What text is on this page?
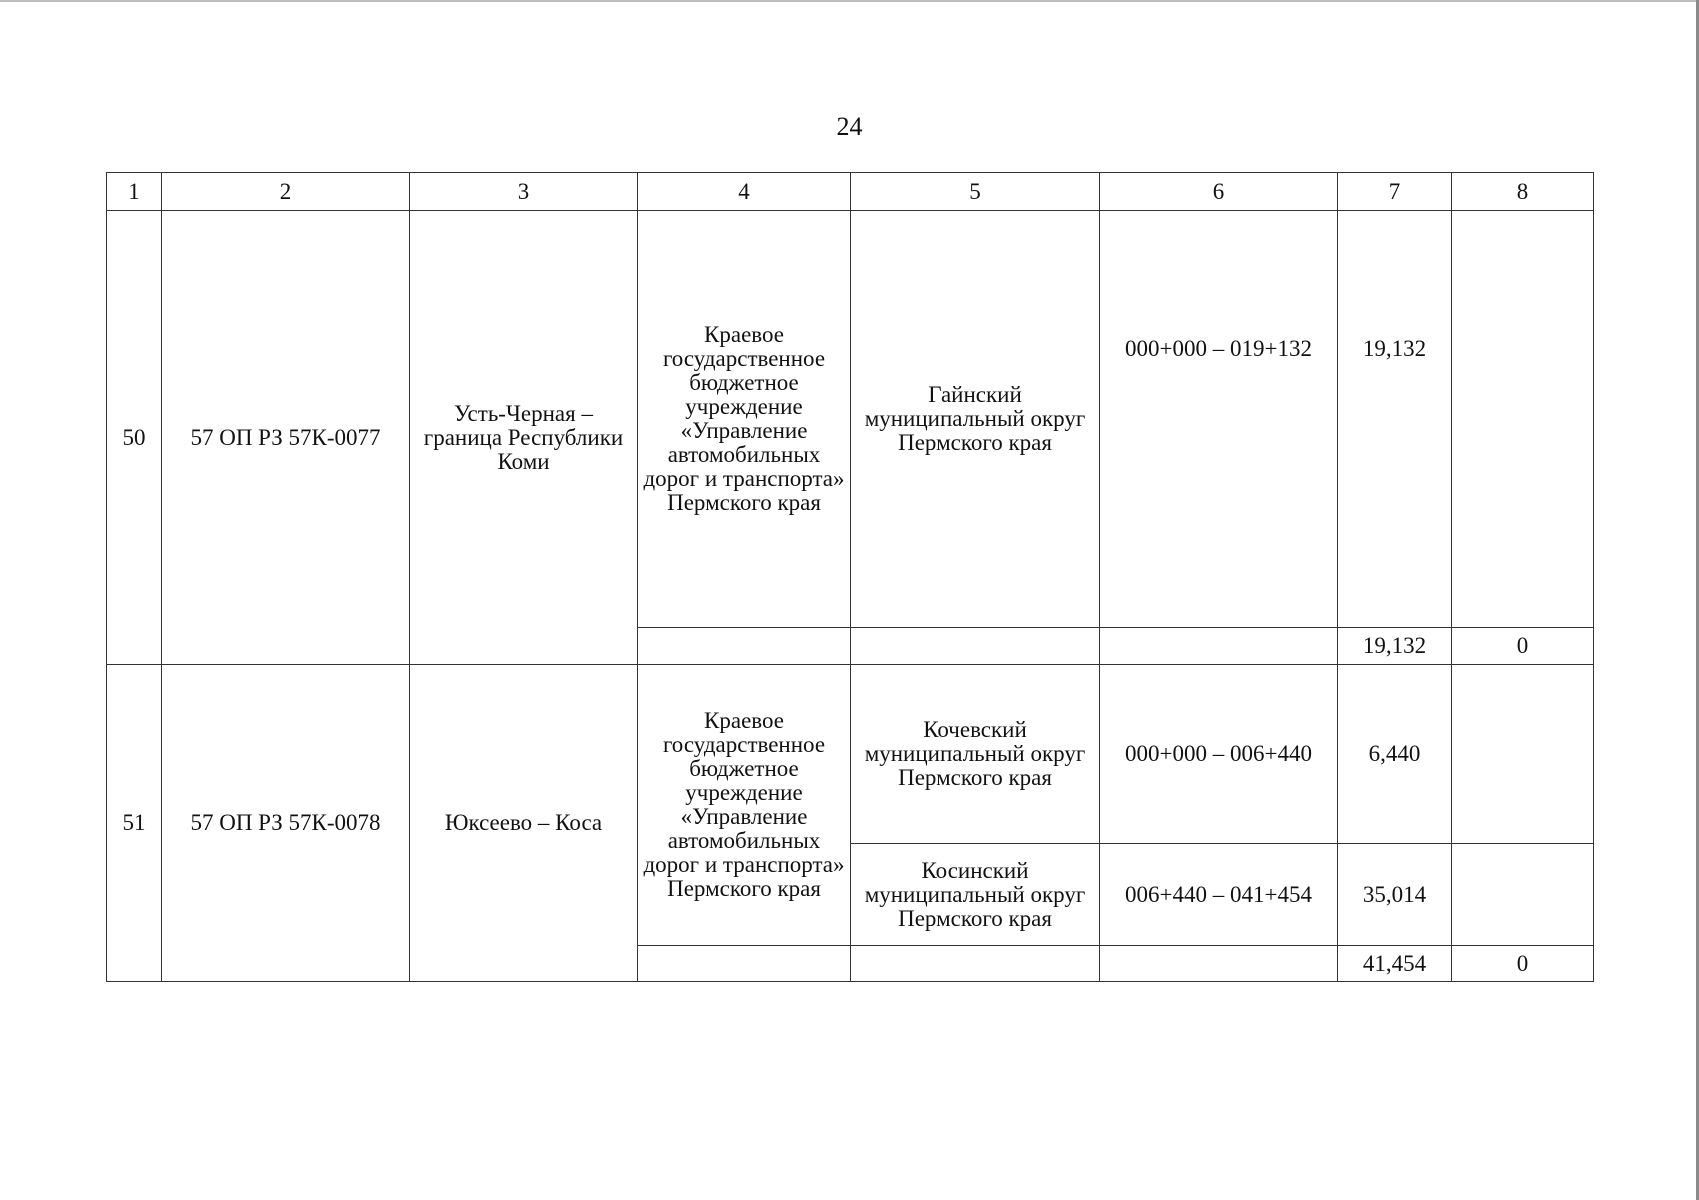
24
1	2	3	4	5	6	7	8
50	57 ОП РЗ 57К-0077	Усть-Черная – граница Республики Коми	Краевое государственное бюджетное учреждение «Управление автомобильных дорог и транспорта» Пермского края	Гайнский муниципальный округ Пермского края	000+000 – 019+132	19,132	
						19,132	0
51	57 ОП РЗ 57К-0078	Юксеево – Коса	Краевое государственное бюджетное учреждение «Управление автомобильных дорог и транспорта» Пермского края	Кочевский муниципальный округ Пермского края	000+000 – 006+440	6,440	
				Косинский муниципальный округ Пермского края	006+440 – 041+454	35,014	
						41,454	0
